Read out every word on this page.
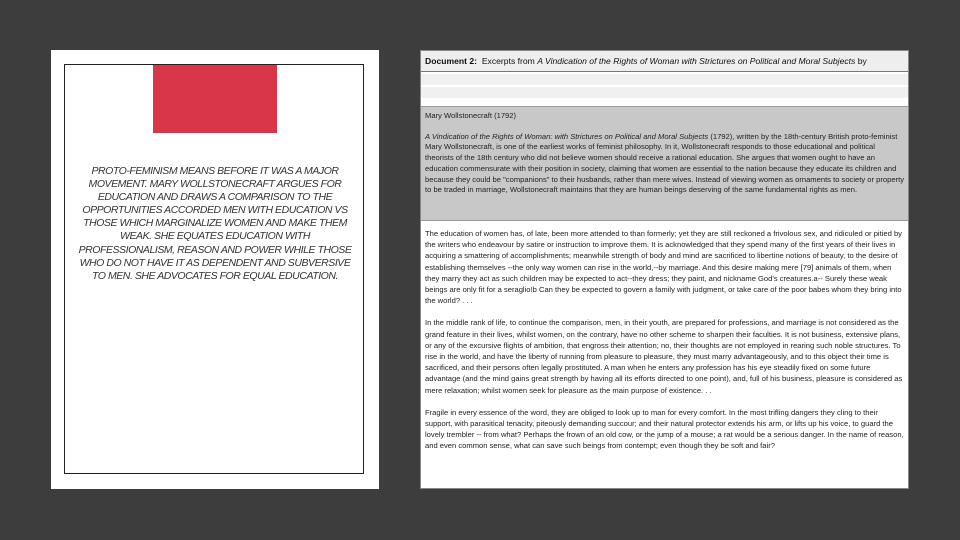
PROTO-FEMINISM MEANS BEFORE IT WAS A MAJOR MOVEMENT. MARY WOLLSTONECRAFT ARGUES FOR EDUCATION AND DRAWS A COMPARISON TO THE OPPORTUNITIES ACCORDED MEN WITH EDUCATION VS THOSE WHICH MARGINALIZE WOMEN AND MAKE THEM WEAK. SHE EQUATES EDUCATION WITH PROFESSIONALISM, REASON AND POWER WHILE THOSE WHO DO NOT HAVE IT AS DEPENDENT AND SUBVERSIVE TO MEN. SHE ADVOCATES FOR EQUAL EDUCATION.

Document 2: Excerpts from A Vindication of the Rights of Woman with Strictures on Political and Moral Subjects by

Mary Wollstonecraft (1792)

A Vindication of the Rights of Woman: with Strictures on Political and Moral Subjects (1792), written by the 18th-century British proto-feminist Mary Wollstonecraft, is one of the earliest works of feminist philosophy. In it, Wollstonecraft responds to those educational and political theorists of the 18th century who did not believe women should receive a rational education. She argues that women ought to have an education commensurate with their position in society, claiming that women are essential to the nation because they educate its children and because they could be "companions" to their husbands, rather than mere wives. Instead of viewing women as ornaments to society or property to be traded in marriage, Wollstonecraft maintains that they are human beings deserving of the same fundamental rights as men.

The education of women has, of late, been more attended to than formerly; yet they are still reckoned a frivolous sex, and ridiculed or pitied by the writers who endeavour by satire or instruction to improve them. It is acknowledged that they spend many of the first years of their lives in acquiring a smattering of accomplishments; meanwhile strength of body and mind are sacrificed to libertine notions of beauty, to the desire of establishing themselves --the only way women can rise in the world,--by marriage. And this desire making mere [79] animals of them, when they marry they act as such children may be expected to act--they dress; they paint, and nickname God's creatures.a-- Surely these weak beings are only fit for a seraglio!b Can they be expected to govern a family with judgment, or take care of the poor babes whom they bring into the world? . . .

In the middle rank of life, to continue the comparison, men, in their youth, are prepared for professions, and marriage is not considered as the grand feature in their lives, whilst women, on the contrary, have no other scheme to sharpen their faculties. It is not business, extensive plans, or any of the excursive flights of ambition, that engross their attention; no, their thoughts are not employed in rearing such noble structures. To rise in the world, and have the liberty of running from pleasure to pleasure, they must marry advantageously, and to this object their time is sacrificed, and their persons often legally prostituted. A man when he enters any profession has his eye steadily fixed on some future advantage (and the mind gains great strength by having all its efforts directed to one point), and, full of his business, pleasure is considered as mere relaxation; whilst women seek for pleasure as the main purpose of existence. . .

Fragile in every essence of the word, they are obliged to look up to man for every comfort. In the most trifling dangers they cling to their support, with parasitical tenacity, piteously demanding succour; and their natural protector extends his arm, or lifts up his voice, to guard the lovely trembler -- from what? Perhaps the frown of an old cow, or the jump of a mouse; a rat would be a serious danger. In the name of reason, and even common sense, what can save such beings from contempt; even though they be soft and fair?
